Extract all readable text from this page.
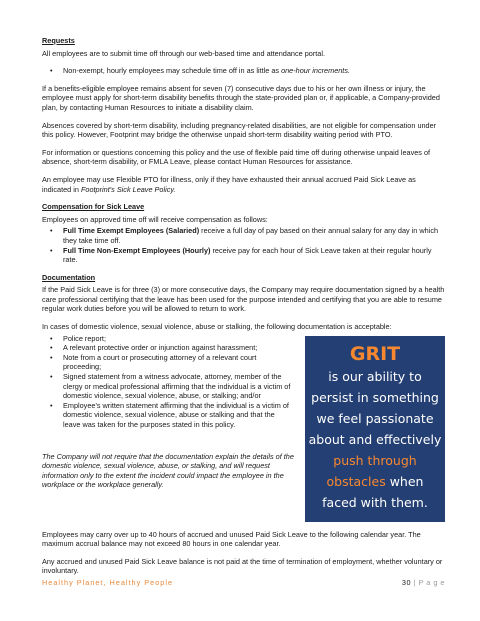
Requests

All employees are to submit time off through our web-based time and attendance portal.

• Non-exempt, hourly employees may schedule time off in as little as one-hour increments.

If a benefits-eligible employee remains absent for seven (7) consecutive days due to his or her own illness or injury, the employee must apply for short-term disability benefits through the state-provided plan or, if applicable, a Company-provided plan, by contacting Human Resources to initiate a disability claim.

Absences covered by short-term disability, including pregnancy-related disabilities, are not eligible for compensation under this policy. However, Footprint may bridge the otherwise unpaid short-term disability waiting period with PTO.

For information or questions concerning this policy and the use of flexible paid time off during otherwise unpaid leaves of absence, short-term disability, or FMLA Leave, please contact Human Resources for assistance.

An employee may use Flexible PTO for illness, only if they have exhausted their annual accrued Paid Sick Leave as indicated in Footprint's Sick Leave Policy.

Compensation for Sick Leave

Employees on approved time off will receive compensation as follows:

• Full Time Exempt Employees (Salaried) receive a full day of pay based on their annual salary for any day in which they take time off.
• Full Time Non-Exempt Employees (Hourly) receive pay for each hour of Sick Leave taken at their regular hourly rate.
Documentation

If the Paid Sick Leave is for three (3) or more consecutive days, the Company may require documentation signed by a health care professional certifying that the leave has been used for the purpose intended and certifying that you are able to resume regular work duties before you will be allowed to return to work.

In cases of domestic violence, sexual violence, abuse or stalking, the following documentation is acceptable:

• Police report;
• A relevant protective order or injunction against harassment;
• Note from a court or prosecuting attorney of a relevant court proceeding;
• Signed statement from a witness advocate, attorney, member of the clergy or medical professional affirming that the individual is a victim of domestic violence, sexual violence, abuse, or stalking; and/or
• Employee's written statement affirming that the individual is a victim of domestic violence, sexual violence, abuse or stalking and that the leave was taken for the purposes stated in this policy.

The Company will not require that the documentation explain the details of the domestic violence, sexual violence, abuse, or stalking, and will request information only to the extent the incident could impact the employee in the workplace or the workplace generally.

GRIT
is our ability to
persist in something
we feel passionate
about and effectively
push through
obstacles when
faced with them.

Employees may carry over up to 40 hours of accrued and unused Paid Sick Leave to the following calendar year. The maximum accrual balance may not exceed 80 hours in one calendar year.

Any accrued and unused Paid Sick Leave balance is not paid at the time of termination of employment, whether voluntary or involuntary.

Healthy Planet, Healthy People	30 | P a g e
